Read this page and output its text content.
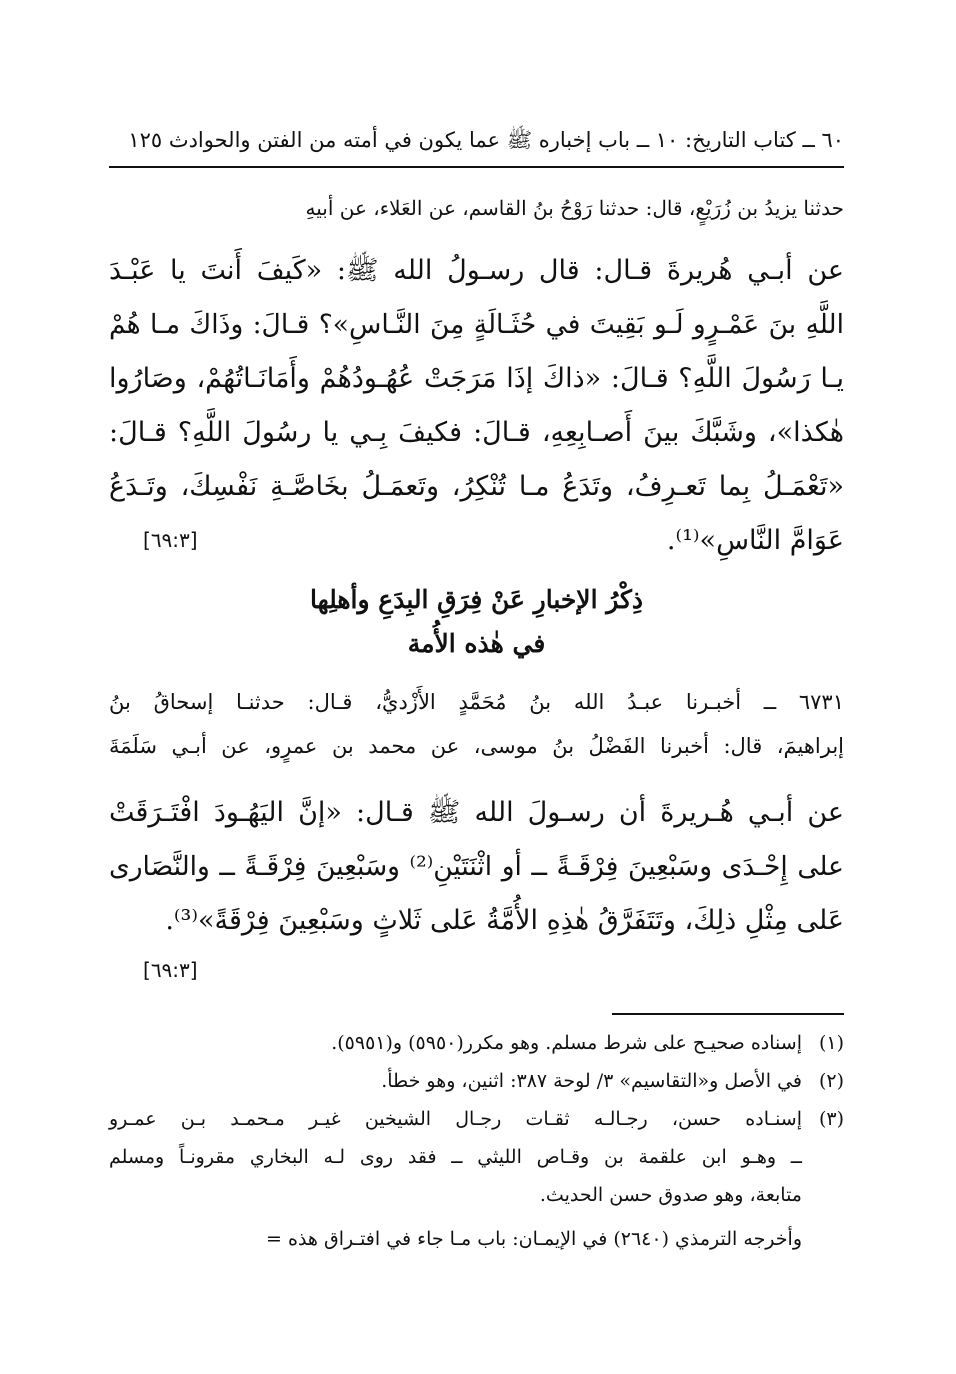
٦٠ ــ كتاب التاريخ: ١٠ ــ باب إخباره ﷺ عما يكون في أمته من الفتن والحوادث ١٢٥
حدثنا يزيدُ بن زُرَيْعٍ، قال: حدثنا رَوْحُ بنُ القاسم، عن العَلاء، عن أبيهِ
عن أبـي هُريرةَ قـال: قال رسـولُ الله ﷺ: «كَيفَ أَنتَ يا عَبْـدَ
اللَّهِ بنَ عَمْـرٍو لَـو بَقِيتَ في حُثَـالَةٍ مِنَ النَّـاسِ»؟ قـالَ: وذَاكَ مـا هُمْ
يـا رَسُولَ اللَّهِ؟ قـالَ: «ذاكَ إذَا مَرَجَتْ عُهُـودُهُمْ وأَمَانَـاتُهُمْ، وصَارُوا
هٰكذا»، وشَبَّكَ بينَ أَصـابِعِهِ، قـالَ: فكيفَ بِـي يا رسُولَ اللَّهِ؟ قـالَ:
«تَعْمَـلُ بِما تَعـرِفُ، وتَدَعُ مـا تُنْكِرُ، وتَعمَـلُ بخَاصَّـةِ نَفْسِكَ، وتَـدَعُ
عَوَامَّ النَّاسِ»⁽¹⁾.
[٦٩:٣]
ذِكْرُ الإخبارِ عَنْ فِرَقِ البِدَعِ وأهلِها
في هٰذه الأُمة
٦٧٣١ ــ أخبـرنا عبـدُ الله بنُ مُحَمَّدٍ الأَزْديُّ، قـال: حدثنـا إسحاقُ بنُ
إبراهيمَ، قال: أخبرنا الفَضْلُ بنُ موسى، عن محمد بن عمرٍو، عن أبـي سَلَمَةَ
عن أبـي هُـريرةَ أن رسـولَ الله ﷺ قـال: «إنَّ اليَهُـودَ افْتَـرَقَتْ
على إِحْـدَى وسَبْعِينَ فِرْقَـةً ــ أو اثْنَتَيْنِ⁽²⁾ وسَبْعِينَ فِرْقَـةً ــ والنَّصَارى
عَلى مِثْلِ ذلِكَ، وتَتَفَرَّقُ هٰذِهِ الأُمَّةُ عَلى ثَلاثٍ وسَبْعِينَ فِرْقَةً»⁽³⁾.
[٦٩:٣]
(١)
إسناده صحيـح على شرط مسلم. وهو مكرر(٥٩٥٠) و(٥٩٥١).
(٢)
في الأصل و«التقاسيم» ٣/ لوحة ٣٨٧: اثنين، وهو خطأ.
(٣)
إسنـاده حسن، رجـالـه ثقـات رجـال الشيخين غيـر مـحمـد بـن عمـرو
ــ وهـو ابن علقمة بن وقـاص الليثي ــ فقد روى لـه البخاري مقرونـاً ومسلم
متابعة، وهو صدوق حسن الحديث.
وأخرجه الترمذي (٢٦٤٠) في الإيمـان: باب مـا جاء في افتـراق هذه =
